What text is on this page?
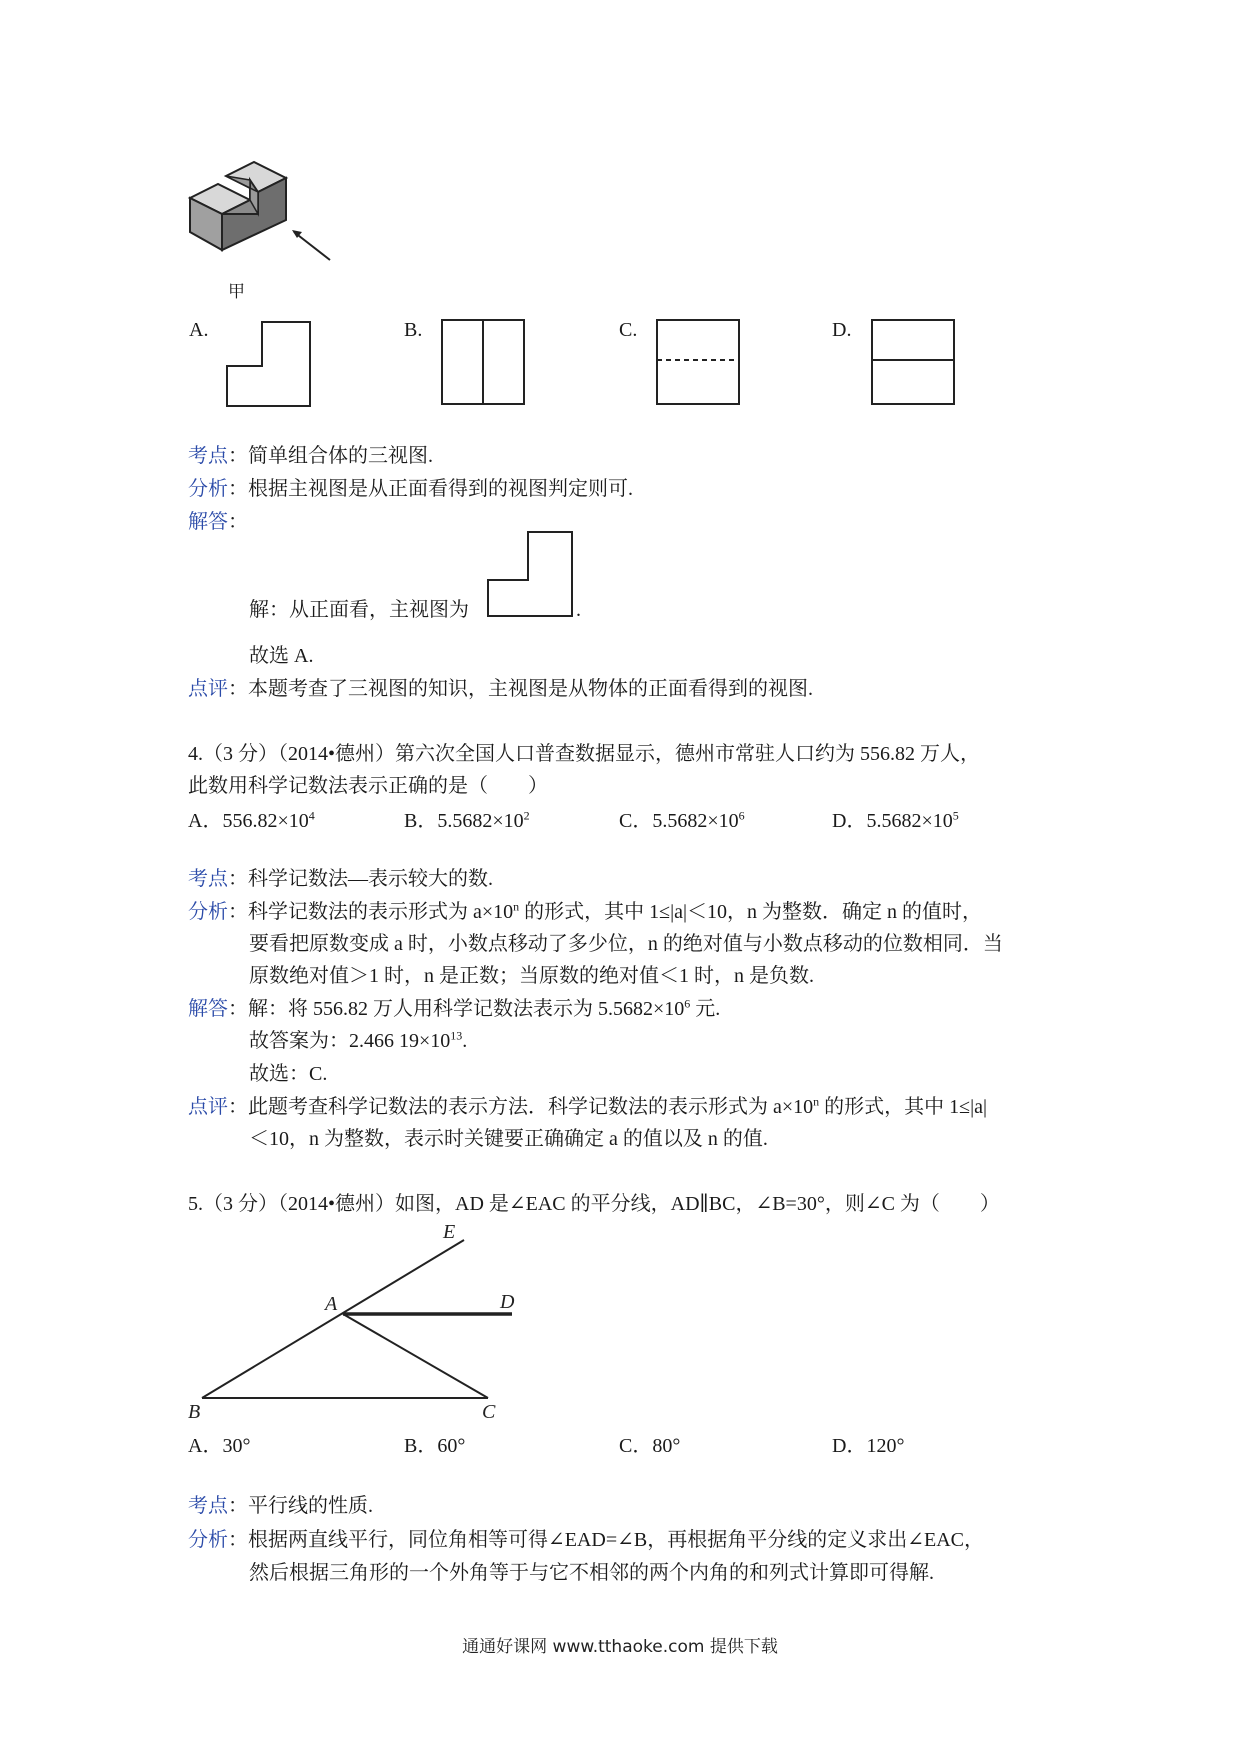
甲
A.	B.	C.	D.
考点：简单组合体的三视图.
分析：根据主视图是从正面看得到的视图判定则可.
解答：
解：从正面看，主视图为	.
故选 A.
点评：本题考查了三视图的知识，主视图是从物体的正面看得到的视图.
4.（3 分）（2014•德州）第六次全国人口普查数据显示，德州市常驻人口约为 556.82 万人，
此数用科学记数法表示正确的是（　　）
A．$556.82\times 10^4$	B．$5.5682\times 10^2$	C．$5.5682\times 10^6$	D．$5.5682\times 10^5$
考点：科学记数法—表示较大的数.
分析：科学记数法的表示形式为 $a\times 10^n$ 的形式，其中 1≤|a|＜10，n 为整数．确定 n 的值时，
要看把原数变成 a 时，小数点移动了多少位，n 的绝对值与小数点移动的位数相同．当
原数绝对值＞1 时，n 是正数；当原数的绝对值＜1 时，n 是负数.
解答：解：将 556.82 万人用科学记数法表示为 $5.5682\times 10^6$ 元.
故答案为：2.466 $19\times 10^{13}$.
故选：C.
点评：此题考查科学记数法的表示方法．科学记数法的表示形式为 $a\times 10^n$ 的形式，其中 1≤|a|
＜10，n 为整数，表示时关键要正确确定 a 的值以及 n 的值.
5.（3 分）（2014•德州）如图，AD 是∠EAC 的平分线，AD∥BC，∠B=30°，则∠C 为（　　）
E
A	D
B	C
A．30°	B．60°	C．80°	D．120°
考点：平行线的性质.
分析：根据两直线平行，同位角相等可得∠EAD=∠B，再根据角平分线的定义求出∠EAC，
然后根据三角形的一个外角等于与它不相邻的两个内角的和列式计算即可得解.
通通好课网 www.tthaoke.com 提供下载
